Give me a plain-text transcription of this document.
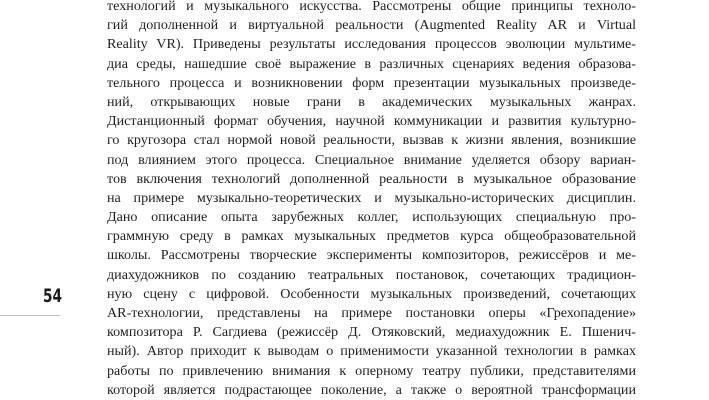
54
технологий и музыкального искусства. Рассмотрены общие принципы техноло-
гий дополненной и виртуальной реальности (Augmented Reality AR и Virtual
Reality VR). Приведены результаты исследования процессов эволюции мультиме-
диа среды, нашедшие своё выражение в различных сценариях ведения образова-
тельного процесса и возникновении форм презентации музыкальных произведе-
ний, открывающих новые грани в академических музыкальных жанрах.
Дистанционный формат обучения, научной коммуникации и развития культурно-
го кругозора стал нормой новой реальности, вызвав к жизни явления, возникшие
под влиянием этого процесса. Специальное внимание уделяется обзору вариан-
тов включения технологий дополненной реальности в музыкальное образование
на примере музыкально-теоретических и музыкально-исторических дисциплин.
Дано описание опыта зарубежных коллег, использующих специальную про-
граммную среду в рамках музыкальных предметов курса общеобразовательной
школы. Рассмотрены творческие эксперименты композиторов, режиссёров и ме-
диахудожников по созданию театральных постановок, сочетающих традицион-
ную сцену с цифровой. Особенности музыкальных произведений, сочетающих
AR-технологии, представлены на примере постановки оперы «Грехопадение»
композитора Р. Сагдиева (режиссёр Д. Отяковский, медиахудожник Е. Пшенич-
ный). Автор приходит к выводам о применимости указанной технологии в рамках
работы по привлечению внимания к оперному театру публики, представителями
которой является подрастающее поколение, а также о вероятной трансформации
